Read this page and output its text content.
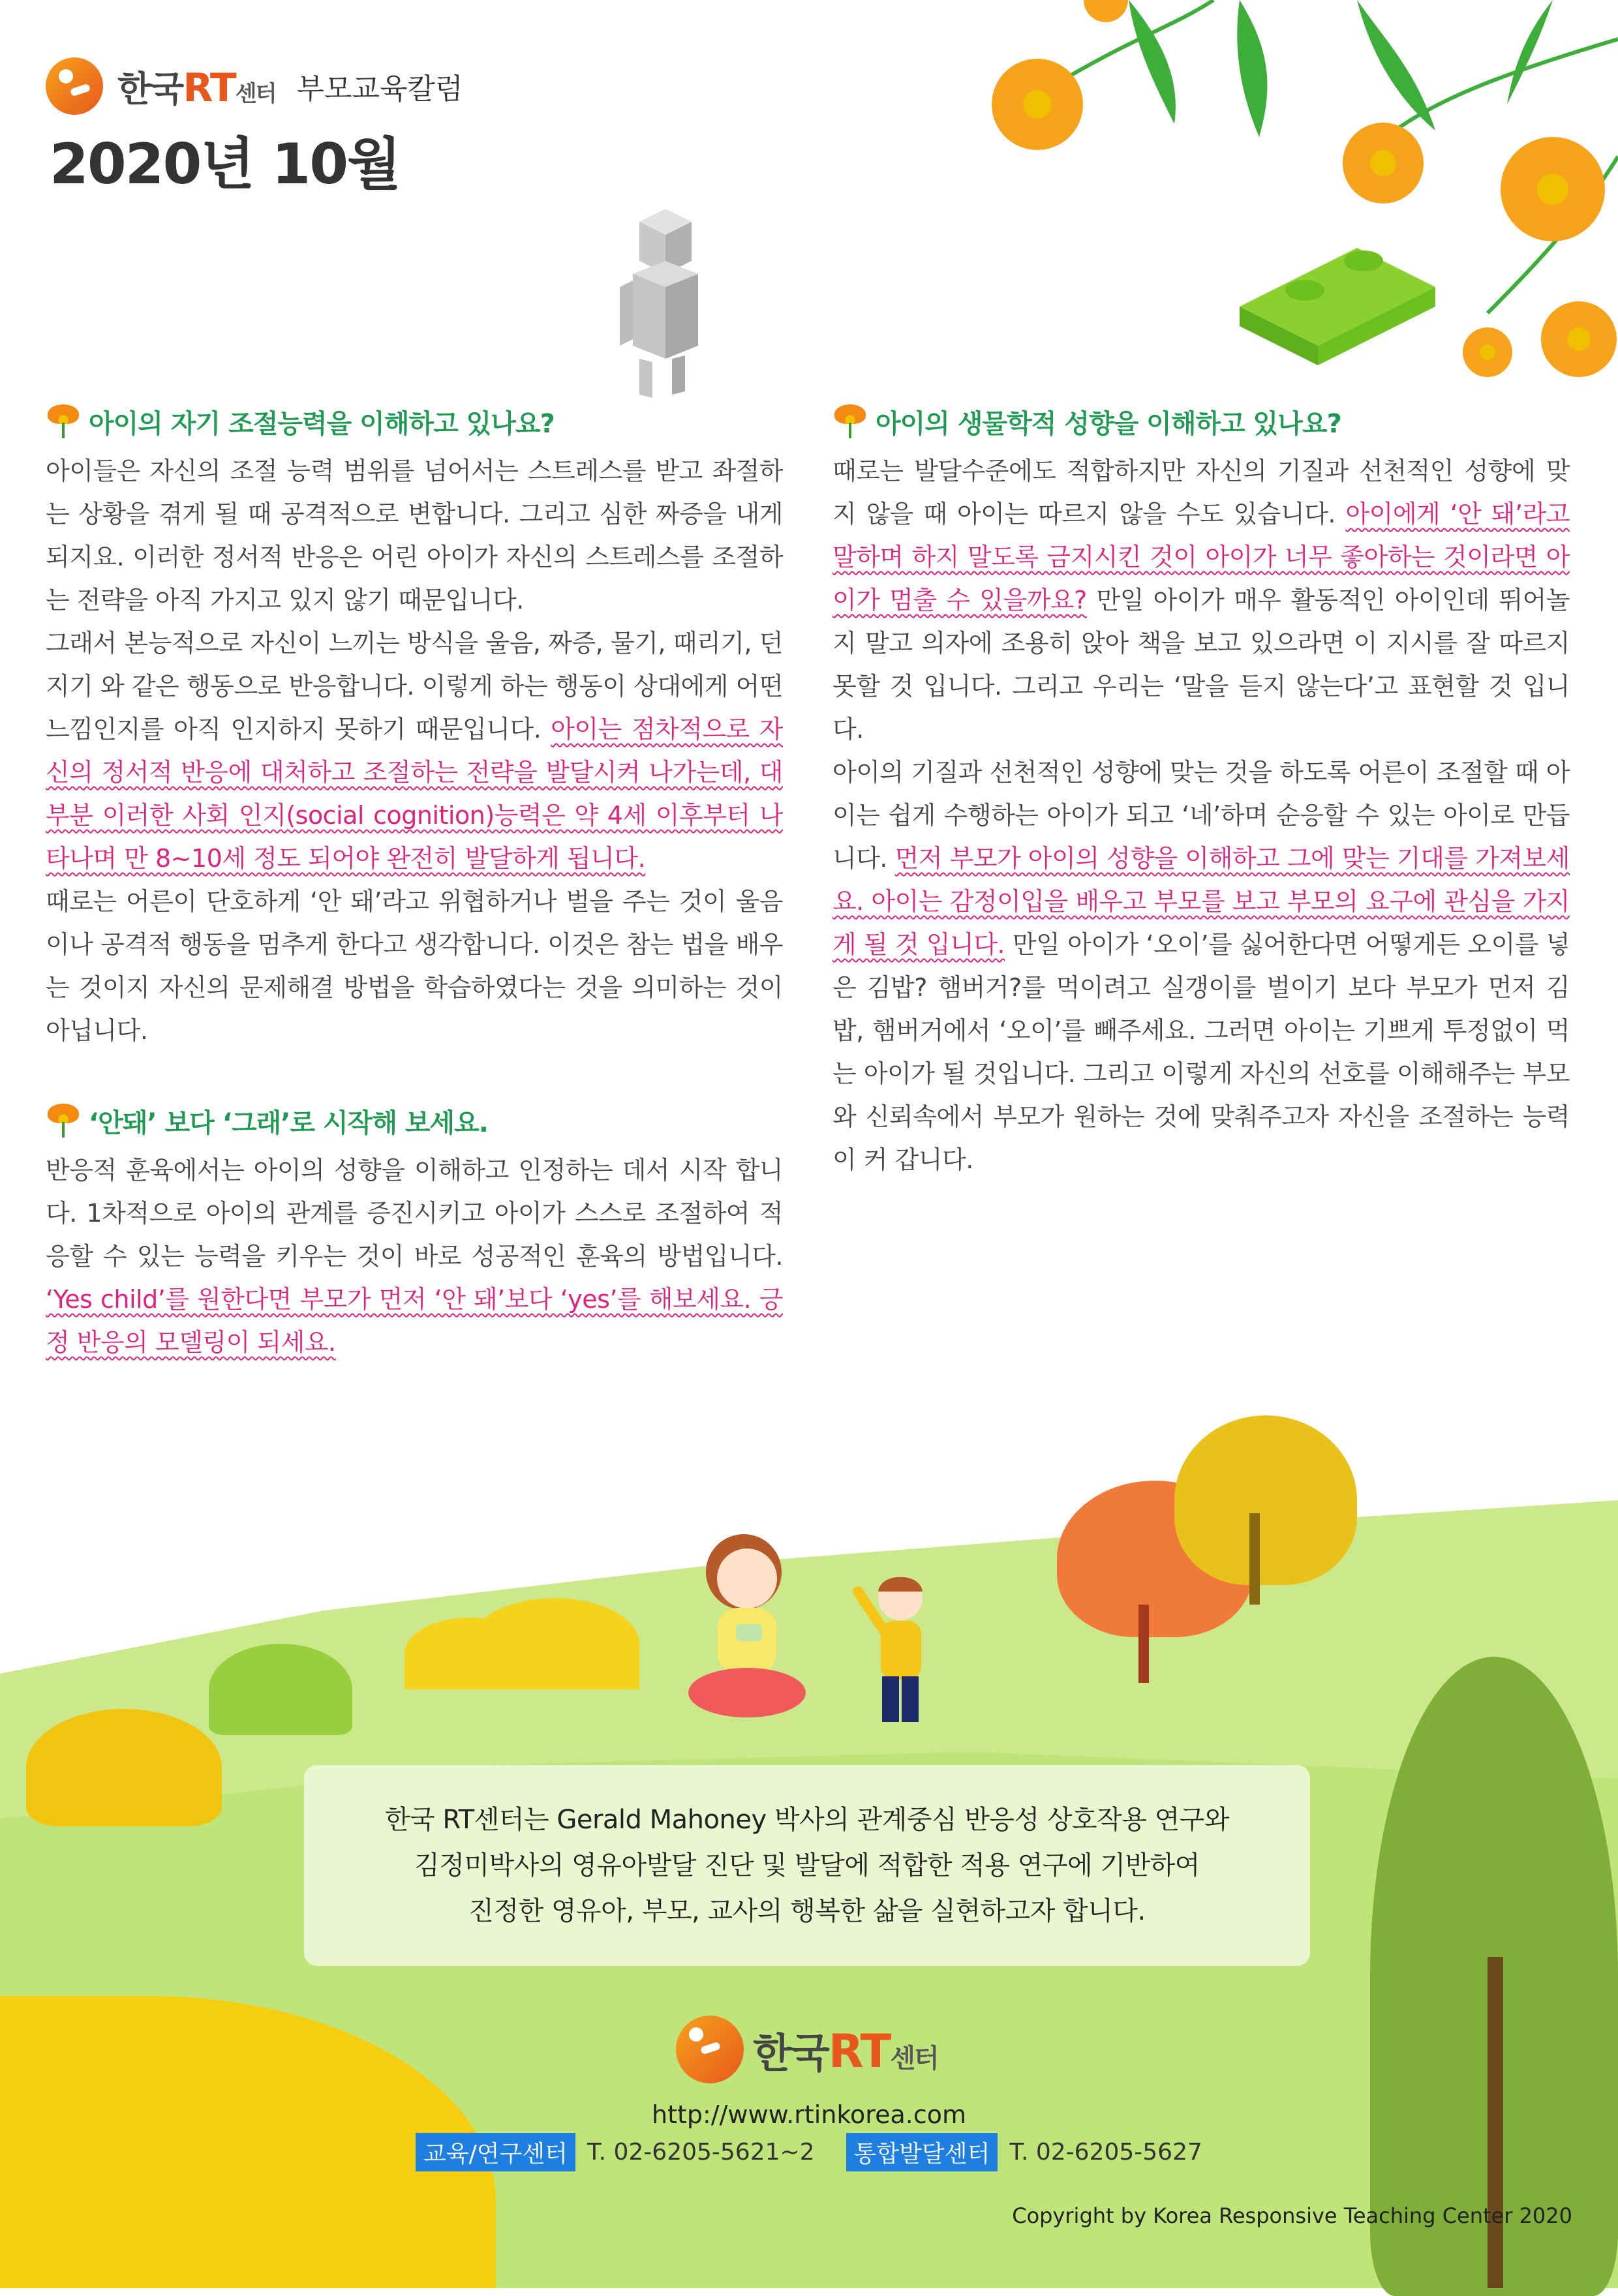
한국RT센터 부모교육칼럼
2020년 10월
아이의 자기 조절능력을 이해하고 있나요?
아이들은 자신의 조절 능력 범위를 넘어서는 스트레스를 받고 좌절하는 상황을 겪게 될 때 공격적으로 변합니다. 그리고 심한 짜증을 내게 되지요. 이러한 정서적 반응은 어린 아이가 자신의 스트레스를 조절하는 전략을 아직 가지고 있지 않기 때문입니다.
그래서 본능적으로 자신이 느끼는 방식을 울음, 짜증, 물기, 때리기, 던지기 와 같은 행동으로 반응합니다. 이렇게 하는 행동이 상대에게 어떤 느낌인지를 아직 인지하지 못하기 때문입니다. 아이는 점차적으로 자신의 정서적 반응에 대처하고 조절하는 전략을 발달시켜 나가는데, 대부분 이러한 사회 인지(social cognition)능력은 약 4세 이후부터 나타나며 만 8~10세 정도 되어야 완전히 발달하게 됩니다.
때로는 어른이 단호하게 ‘안 돼’라고 위협하거나 벌을 주는 것이 울음이나 공격적 행동을 멈추게 한다고 생각합니다. 이것은 참는 법을 배우는 것이지 자신의 문제해결 방법을 학습하였다는 것을 의미하는 것이 아닙니다.
‘안돼’ 보다 ‘그래’로 시작해 보세요.
반응적 훈육에서는 아이의 성향을 이해하고 인정하는 데서 시작 합니다. 1차적으로 아이의 관계를 증진시키고 아이가 스스로 조절하여 적응할 수 있는 능력을 키우는 것이 바로 성공적인 훈육의 방법입니다. ‘Yes child’를 원한다면 부모가 먼저 ‘안 돼’보다 ‘yes’를 해보세요. 긍정 반응의 모델링이 되세요.
아이의 생물학적 성향을 이해하고 있나요?
때로는 발달수준에도 적합하지만 자신의 기질과 선천적인 성향에 맞지 않을 때 아이는 따르지 않을 수도 있습니다. 아이에게 ‘안 돼’라고 말하며 하지 말도록 금지시킨 것이 아이가 너무 좋아하는 것이라면 아이가 멈출 수 있을까요? 만일 아이가 매우 활동적인 아이인데 뛰어놀지 말고 의자에 조용히 앉아 책을 보고 있으라면 이 지시를 잘 따르지 못할 것 입니다. 그리고 우리는 ‘말을 듣지 않는다’고 표현할 것 입니다.
아이의 기질과 선천적인 성향에 맞는 것을 하도록 어른이 조절할 때 아이는 쉽게 수행하는 아이가 되고 ‘네’하며 순응할 수 있는 아이로 만듭니다. 먼저 부모가 아이의 성향을 이해하고 그에 맞는 기대를 가져보세요. 아이는 감정이입을 배우고 부모를 보고 부모의 요구에 관심을 가지게 될 것 입니다. 만일 아이가 ‘오이’를 싫어한다면 어떻게든 오이를 넣은 김밥? 햄버거?를 먹이려고 실갱이를 벌이기 보다 부모가 먼저 김밥, 햄버거에서 ‘오이’를 빼주세요. 그러면 아이는 기쁘게 투정없이 먹는 아이가 될 것입니다. 그리고 이렇게 자신의 선호를 이해해주는 부모와 신뢰속에서 부모가 원하는 것에 맞춰주고자 자신을 조절하는 능력이 커 갑니다.
한국 RT센터는 Gerald Mahoney 박사의 관계중심 반응성 상호작용 연구와
김정미박사의 영유아발달 진단 및 발달에 적합한 적용 연구에 기반하여
진정한 영유아, 부모, 교사의 행복한 삶을 실현하고자 합니다.
한국RT센터
http://www.rtinkorea.com
교육/연구센터 T. 02-6205-5621~2	통합발달센터 T. 02-6205-5627
Copyright by Korea Responsive Teaching Center 2020
